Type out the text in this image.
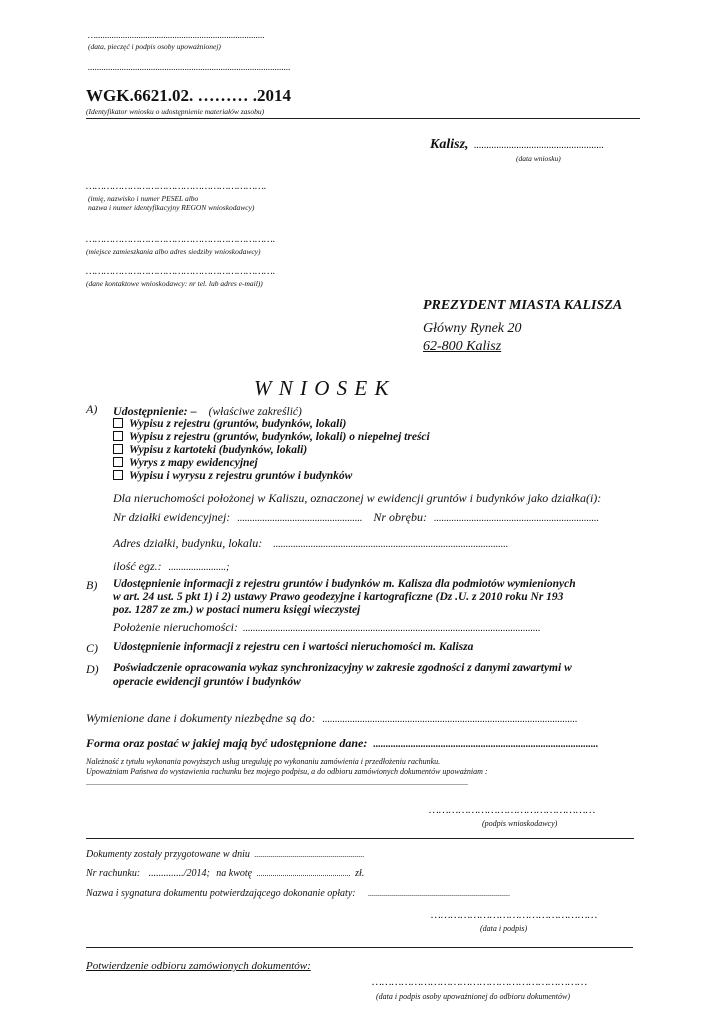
…...........................................................................
(data, pieczęć i podpis osoby upoważnionej)
..........................................................................................
WGK.6621.02. ……… .2014
(Identyfikator wniosku o udostępnienie materiałów zasobu)
Kalisz, ....................................................
(data wniosku)
…………………………………………………….
(imię, nazwisko i numer PESEL albo
nazwa i numer identyfikacyjny REGON wnioskodawcy)
……………………………………………………….
(miejsce zamieszkania albo adres siedziby wnioskodawcy)
……………………………………………………….
(dane kontaktowe wnioskodawcy: nr tel. lub adres e-mail))
PREZYDENT MIASTA KALISZA
Główny Rynek 20
62-800 Kalisz
W N I O S E K
A) Udostępnienie: – (właściwe zakreślić)
Wypisu z rejestru (gruntów, budynków, lokali)
Wypisu z rejestru (gruntów, budynków, lokali) o niepełnej treści
Wypisu z kartoteki (budynków, lokali)
Wyrys z mapy ewidencyjnej
Wypisu i wyrysu z rejestru gruntów i budynków
Dla nieruchomości położonej w Kaliszu, oznaczonej w ewidencji gruntów i budynków jako działka(i):
Nr działki ewidencyjnej: .................................................. Nr obrębu: ..................................................................
Adres działki, budynku, lokalu: ..............................................................................................
ilość egz.: .......................;
B) Udostępnienie informacji z rejestru gruntów i budynków m. Kalisza dla podmiotów wymienionych
w art. 24 ust. 5 pkt 1) i 2) ustawy Prawo geodezyjne i kartograficzne (Dz .U. z 2010 roku Nr 193
poz. 1287 ze zm.) w postaci numeru księgi wieczystej
Położenie nieruchomości: .......................................................................................................................
C) Udostępnienie informacji z rejestru cen i wartości nieruchomości m. Kalisza
D) Poświadczenie opracowania wykaz synchronizacyjny w zakresie zgodności z danymi zawartymi w
operacie ewidencji gruntów i budynków
Wymienione dane i dokumenty niezbędne są do: ......................................................................................................
Forma oraz postać w jakiej mają być udostępnione dane: ..........................................................................................
Należność z tytułu wykonania powyższych usług ureguluję po wykonaniu zamówienia i przedłożeniu rachunku.
Upoważniam Państwa do wystawienia rachunku bez mojego podpisu, a do odbioru zamówionych dokumentów upoważniam :
...............................................................................................................................................................................................
……………………………………………
(podpis wnioskodawcy)
Dokumenty zostały przygotowane w dniu .......................................................
Nr rachunku: ............../2014; na kwotę ............................................... zł.
Nazwa i sygnatura dokumentu potwierdzającego dokonanie opłaty: .......................................................................
……………………………………………
(data i podpis)
Potwierdzenie odbioru zamówionych dokumentów:
…………………………………………………………
(data i podpis osoby upoważnionej do odbioru dokumentów)
